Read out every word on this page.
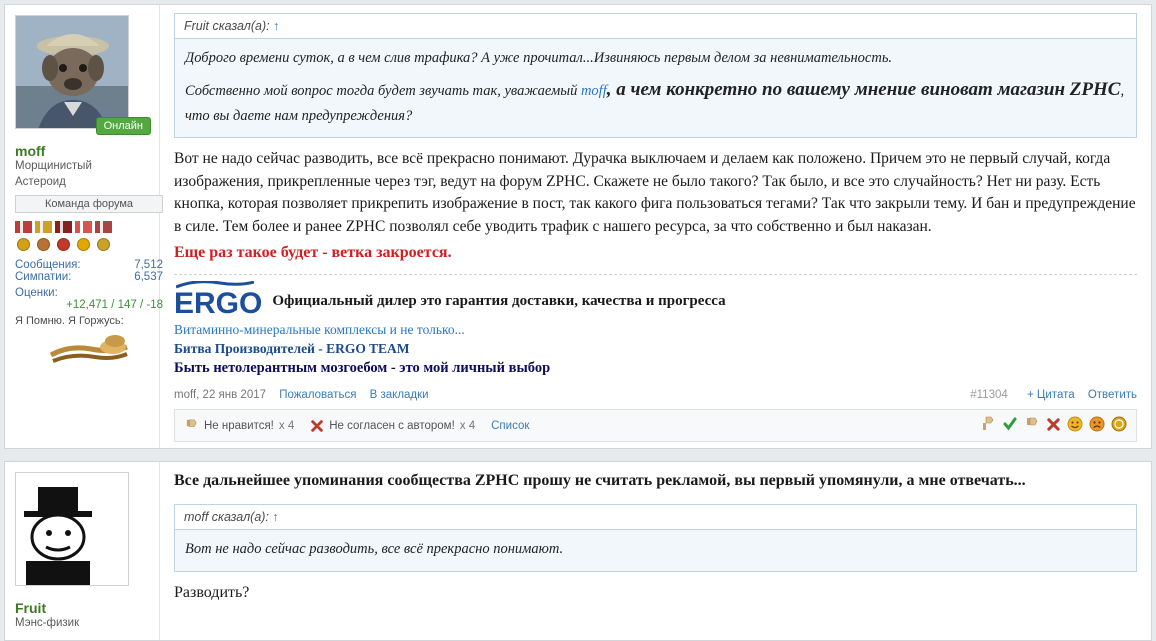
Онлайн
moff
Морщинистый
Астероид
Команда форума
Сообщения:	7,512
Симпатии:	6,537
Оценки:
+12,471 / 147 / -18
Я Помню. Я Горжусь:
Fruit сказал(а): ↑
Доброго времени суток, а в чем слив трафика? А уже прочитал...Извиняюсь первым делом за невнимательность.
Собственно мой вопрос тогда будет звучать так, уважаемый moff, а чем конкретно по вашему мнение виноват магазин ZPHC, что вы даете нам предупреждения?
Вот не надо сейчас разводить, все всё прекрасно понимают. Дурачка выключаем и делаем как положено. Причем это не первый случай, когда изображения, прикрепленные через тэг, ведут на форум ZPHC. Скажете не было такого? Так было, и все это случайность? Нет ни разу. Есть кнопка, которая позволяет прикрепить изображение в пост, так какого фига пользоваться тегами? Так что закрыли тему. И бан и предупреждение в силе. Тем более и ранее ZPHC позволял себе уводить трафик с нашего ресурса, за что собственно и был наказан.
Еще раз такое будет - ветка закроется.
ERGO Официальный дилер это гарантия доставки, качества и прогресса
Витаминно-минеральные комплексы и не только...
Битва Производителей - ERGO TEAM
Быть нетолерантным мозгоебом - это мой личный выбор
moff, 22 янв 2017 Пожаловаться В закладки	#11304 + Цитата Ответить
Не нравится! х 4	Не согласен с автором! х 4 Список
Fruit
Мэнс-физик
Все дальнейшее упоминания сообщества ZPHC прошу не считать рекламой, вы первый упомянули, а мне отвечать...
moff сказал(а): ↑
Вот не надо сейчас разводить, все всё прекрасно понимают.
Разводить?
